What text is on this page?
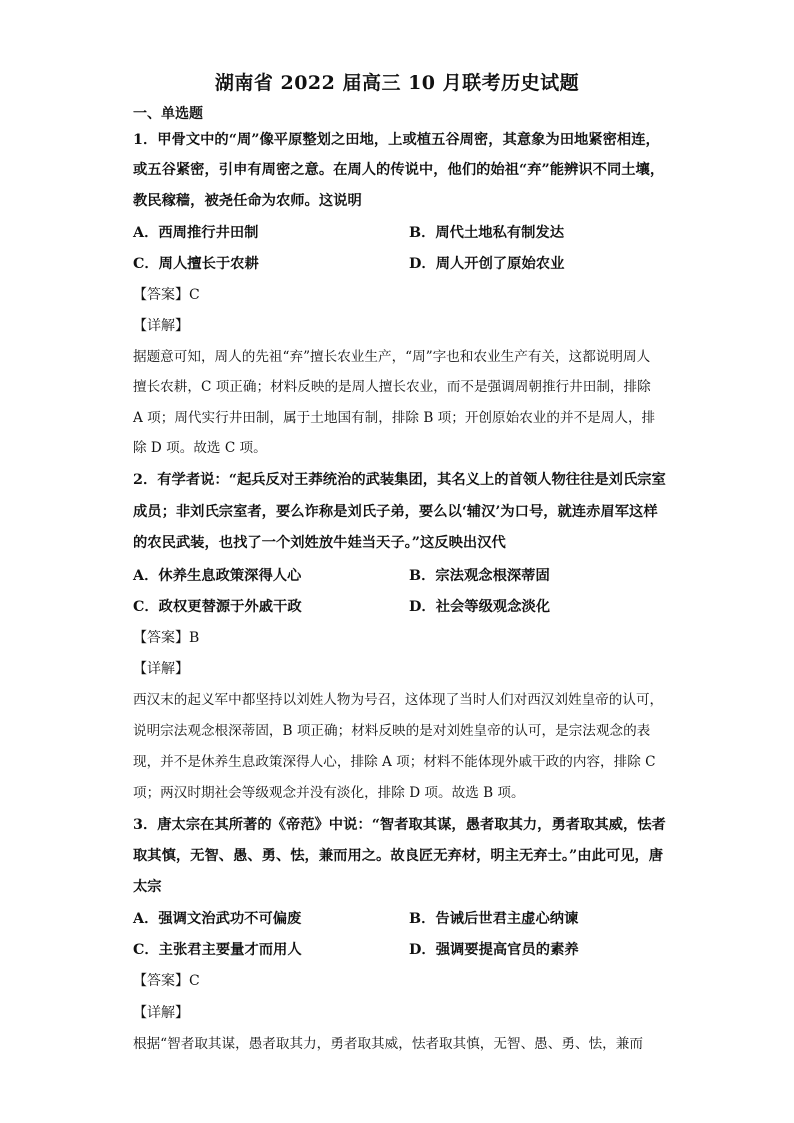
湖南省 2022 届高三 10 月联考历史试题
一、单选题
1．甲骨文中的“周”像平原整划之田地，上或植五谷周密，其意象为田地紧密相连，
或五谷紧密，引申有周密之意。在周人的传说中，他们的始祖“弃”能辨识不同土壤，
教民稼穑，被尧任命为农师。这说明
A．西周推行井田制	B．周代土地私有制发达
C．周人擅长于农耕	D．周人开创了原始农业
【答案】C
【详解】
据题意可知，周人的先祖“弃”擅长农业生产，“周”字也和农业生产有关，这都说明周人
擅长农耕，C 项正确；材料反映的是周人擅长农业，而不是强调周朝推行井田制，排除
A 项；周代实行井田制，属于土地国有制，排除 B 项；开创原始农业的并不是周人，排
除 D 项。故选 C 项。
2．有学者说：“起兵反对王莽统治的武装集团，其名义上的首领人物往往是刘氏宗室
成员；非刘氏宗室者，要么诈称是刘氏子弟，要么以‘辅汉’为口号，就连赤眉军这样
的农民武装，也找了一个刘姓放牛娃当天子。”这反映出汉代
A．休养生息政策深得人心	B．宗法观念根深蒂固
C．政权更替源于外戚干政	D．社会等级观念淡化
【答案】B
【详解】
西汉末的起义军中都坚持以刘姓人物为号召，这体现了当时人们对西汉刘姓皇帝的认可，
说明宗法观念根深蒂固，B 项正确；材料反映的是对刘姓皇帝的认可，是宗法观念的表
现，并不是休养生息政策深得人心，排除 A 项；材料不能体现外戚干政的内容，排除 C
项；两汉时期社会等级观念并没有淡化，排除 D 项。故选 B 项。
3．唐太宗在其所著的《帝范》中说：“智者取其谋，愚者取其力，勇者取其威，怯者
取其慎，无智、愚、勇、怯，兼而用之。故良匠无弃材，明主无弃士。”由此可见，唐
太宗
A．强调文治武功不可偏废	B．告诫后世君主虚心纳谏
C．主张君主要量才而用人	D．强调要提高官员的素养
【答案】C
【详解】
根据“智者取其谋，愚者取其力，勇者取其威，怯者取其慎，无智、愚、勇、怯，兼而
